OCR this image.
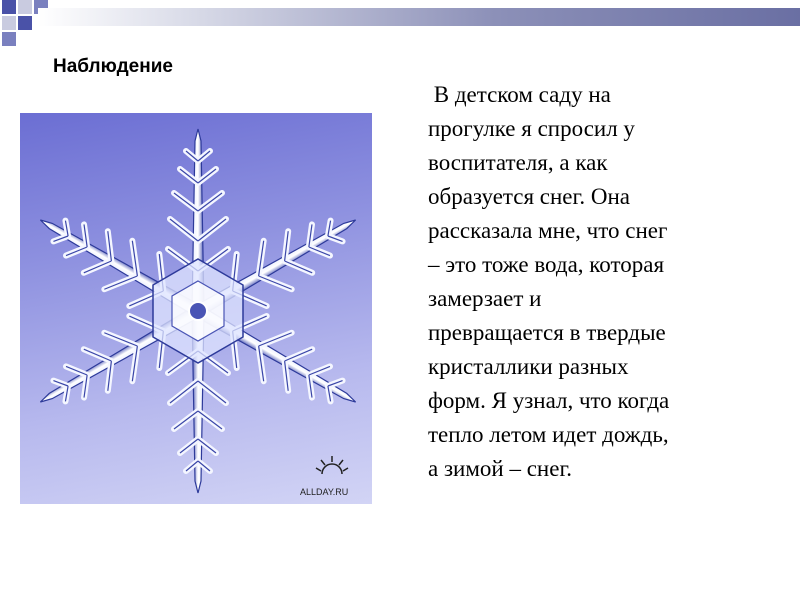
Наблюдение
ALLDAY.RU
В детском саду на
прогулке я спросил у
воспитателя, а как
образуется снег. Она
рассказала мне, что снег
– это тоже вода, которая
замерзает и
превращается в твердые
кристаллики разных
форм. Я узнал, что когда
тепло летом идет дождь,
а зимой – снег.
